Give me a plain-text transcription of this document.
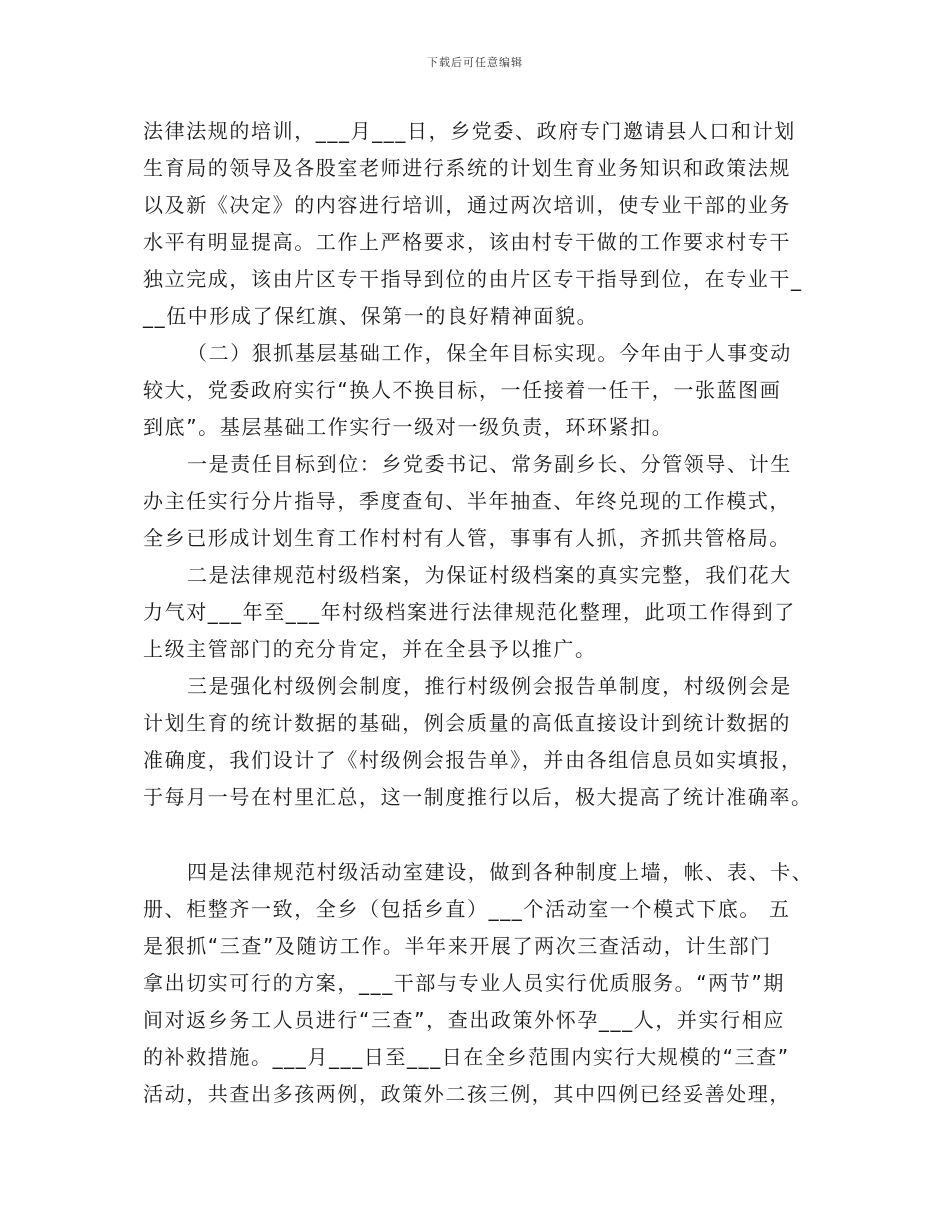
下载后可任意编辑
法律法规的培训，___月___日，乡党委、政府专门邀请县人口和计划
生育局的领导及各股室老师进行系统的计划生育业务知识和政策法规
以及新《决定》的内容进行培训，通过两次培训，使专业干部的业务
水平有明显提高。工作上严格要求，该由村专干做的工作要求村专干
独立完成，该由片区专干指导到位的由片区专干指导到位，在专业干_
__伍中形成了保红旗、保第一的良好精神面貌。
（二）狠抓基层基础工作，保全年目标实现。今年由于人事变动
较大，党委政府实行“换人不换目标，一任接着一任干，一张蓝图画
到底”。基层基础工作实行一级对一级负责，环环紧扣。
一是责任目标到位：乡党委书记、常务副乡长、分管领导、计生
办主任实行分片指导，季度查旬、半年抽查、年终兑现的工作模式，
全乡已形成计划生育工作村村有人管，事事有人抓，齐抓共管格局。
二是法律规范村级档案，为保证村级档案的真实完整，我们花大
力气对___年至___年村级档案进行法律规范化整理，此项工作得到了
上级主管部门的充分肯定，并在全县予以推广。
三是强化村级例会制度，推行村级例会报告单制度，村级例会是
计划生育的统计数据的基础，例会质量的高低直接设计到统计数据的
准确度，我们设计了《村级例会报告单》，并由各组信息员如实填报，
于每月一号在村里汇总，这一制度推行以后，极大提高了统计准确率。
四是法律规范村级活动室建设，做到各种制度上墙，帐、表、卡、
册、柜整齐一致，全乡（包括乡直）___个活动室一个模式下底。 五
是狠抓“三查”及随访工作。半年来开展了两次三查活动，计生部门
拿出切实可行的方案，___干部与专业人员实行优质服务。“两节”期
间对返乡务工人员进行“三查”，查出政策外怀孕___人，并实行相应
的补救措施。___月___日至___日在全乡范围内实行大规模的“三查”
活动，共查出多孩两例，政策外二孩三例，其中四例已经妥善处理，
